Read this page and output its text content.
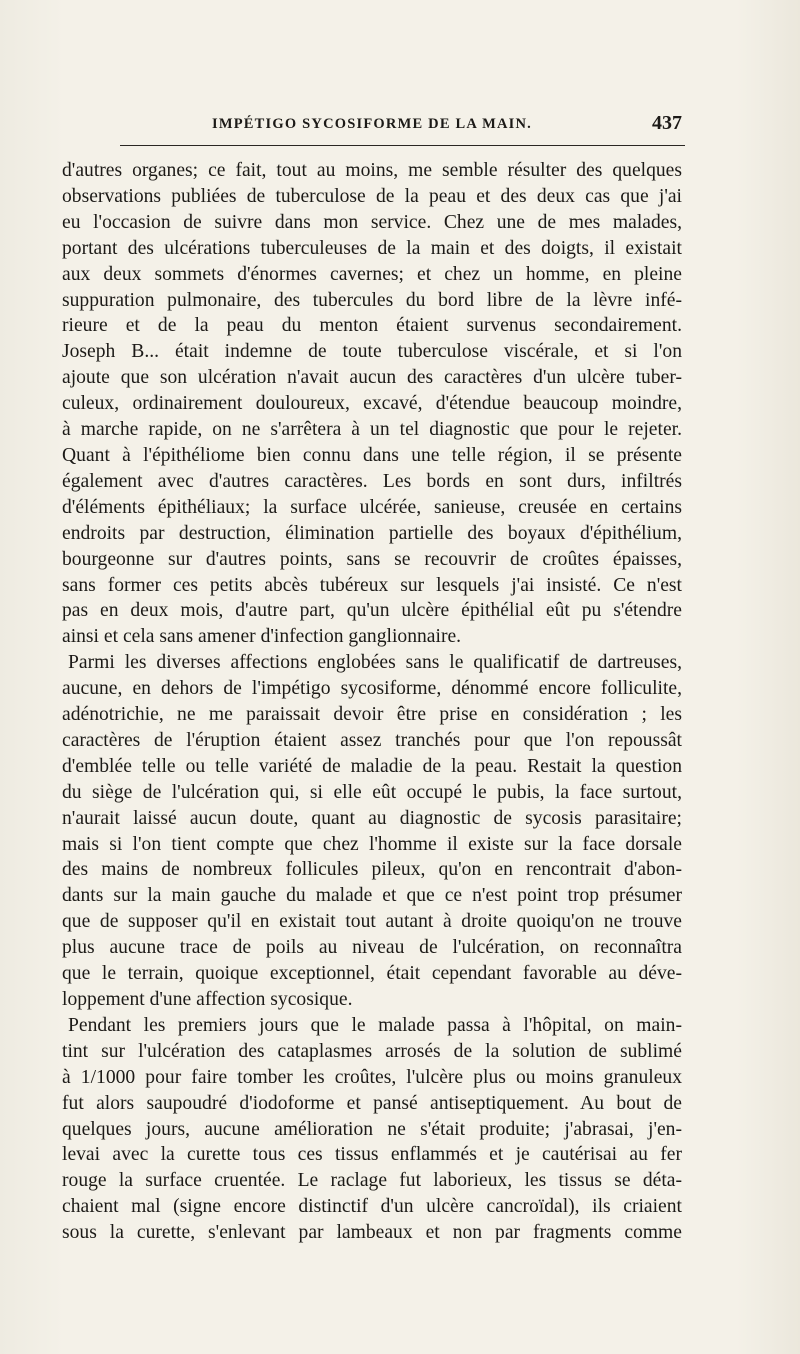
IMPÉTIGO SYCOSIFORME DE LA MAIN.	437
d'autres organes; ce fait, tout au moins, me semble résulter des quelques
observations publiées de tuberculose de la peau et des deux cas que j'ai
eu l'occasion de suivre dans mon service. Chez une de mes malades,
portant des ulcérations tuberculeuses de la main et des doigts, il existait
aux deux sommets d'énormes cavernes; et chez un homme, en pleine
suppuration pulmonaire, des tubercules du bord libre de la lèvre infé-
rieure et de la peau du menton étaient survenus secondairement.
Joseph B... était indemne de toute tuberculose viscérale, et si l'on
ajoute que son ulcération n'avait aucun des caractères d'un ulcère tuber-
culeux, ordinairement douloureux, excavé, d'étendue beaucoup moindre,
à marche rapide, on ne s'arrêtera à un tel diagnostic que pour le rejeter.
Quant à l'épithéliome bien connu dans une telle région, il se présente
également avec d'autres caractères. Les bords en sont durs, infiltrés
d'éléments épithéliaux; la surface ulcérée, sanieuse, creusée en certains
endroits par destruction, élimination partielle des boyaux d'épithélium,
bourgeonne sur d'autres points, sans se recouvrir de croûtes épaisses,
sans former ces petits abcès tubéreux sur lesquels j'ai insisté. Ce n'est
pas en deux mois, d'autre part, qu'un ulcère épithélial eût pu s'étendre
ainsi et cela sans amener d'infection ganglionnaire.
Parmi les diverses affections englobées sans le qualificatif de dartreuses,
aucune, en dehors de l'impétigo sycosiforme, dénommé encore folliculite,
adénotrichie, ne me paraissait devoir être prise en considération ; les
caractères de l'éruption étaient assez tranchés pour que l'on repoussât
d'emblée telle ou telle variété de maladie de la peau. Restait la question
du siège de l'ulcération qui, si elle eût occupé le pubis, la face surtout,
n'aurait laissé aucun doute, quant au diagnostic de sycosis parasitaire;
mais si l'on tient compte que chez l'homme il existe sur la face dorsale
des mains de nombreux follicules pileux, qu'on en rencontrait d'abon-
dants sur la main gauche du malade et que ce n'est point trop présumer
que de supposer qu'il en existait tout autant à droite quoiqu'on ne trouve
plus aucune trace de poils au niveau de l'ulcération, on reconnaîtra
que le terrain, quoique exceptionnel, était cependant favorable au déve-
loppement d'une affection sycosique.
Pendant les premiers jours que le malade passa à l'hôpital, on main-
tint sur l'ulcération des cataplasmes arrosés de la solution de sublimé
à 1/1000 pour faire tomber les croûtes, l'ulcère plus ou moins granuleux
fut alors saupoudré d'iodoforme et pansé antiseptiquement. Au bout de
quelques jours, aucune amélioration ne s'était produite; j'abrasai, j'en-
levai avec la curette tous ces tissus enflammés et je cautérisai au fer
rouge la surface cruentée. Le raclage fut laborieux, les tissus se déta-
chaient mal (signe encore distinctif d'un ulcère cancroïdal), ils criaient
sous la curette, s'enlevant par lambeaux et non par fragments comme
